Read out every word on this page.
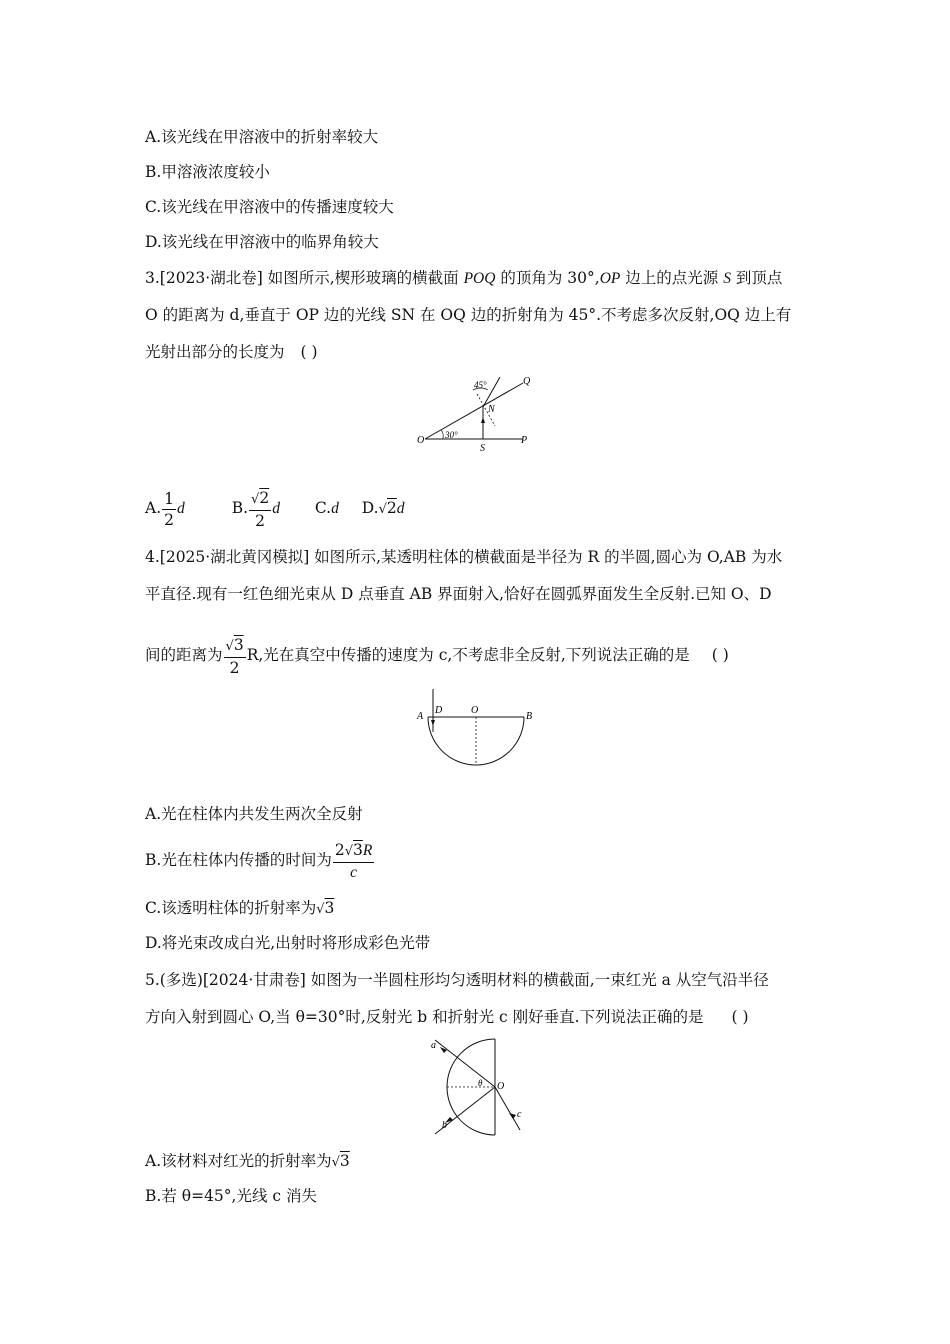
A.该光线在甲溶液中的折射率较大
B.甲溶液浓度较小
C.该光线在甲溶液中的传播速度较大
D.该光线在甲溶液中的临界角较大
3.[2023·湖北卷] 如图所示,楔形玻璃的横截面 POQ 的顶角为 30°,OP 边上的点光源 S 到顶点
O 的距离为 d,垂直于 OP 边的光线 SN 在 OQ 边的折射角为 45°.不考虑多次反射,OQ 边上有
光射出部分的长度为 ( )
45°	Q
N
O 30°
S
P
A. $\frac{1}{2}$ d	B. $\frac{√2}{2}$ d C.d D.√2d
4.[2025·湖北黄冈模拟] 如图所示,某透明柱体的横截面是半径为 R 的半圆,圆心为 O,AB 为水
平直径.现有一红色细光束从 D 点垂直 AB 界面射入,恰好在圆弧界面发生全反射.已知 O、D
间的距离为 $\frac{√3}{2} R$,光在真空中传播的速度为 c,不考虑非全反射,下列说法正确的是 ( )
A
D	O
B
A.光在柱体内共发生两次全反射
B.光在柱体内传播的时间为 $\frac{2√3R}{c}$
C.该透明柱体的折射率为√3
D.将光束改成白光,出射时将形成彩色光带
5.(多选)[2024·甘肃卷] 如图为一半圆柱形均匀透明材料的横截面,一束红光 a 从空气沿半径
方向入射到圆心 O,当 θ=30°时,反射光 b 和折射光 c 刚好垂直.下列说法正确的是 ( )
a
θ O
b
c
A.该材料对红光的折射率为√3
B.若 θ=45°,光线 c 消失
